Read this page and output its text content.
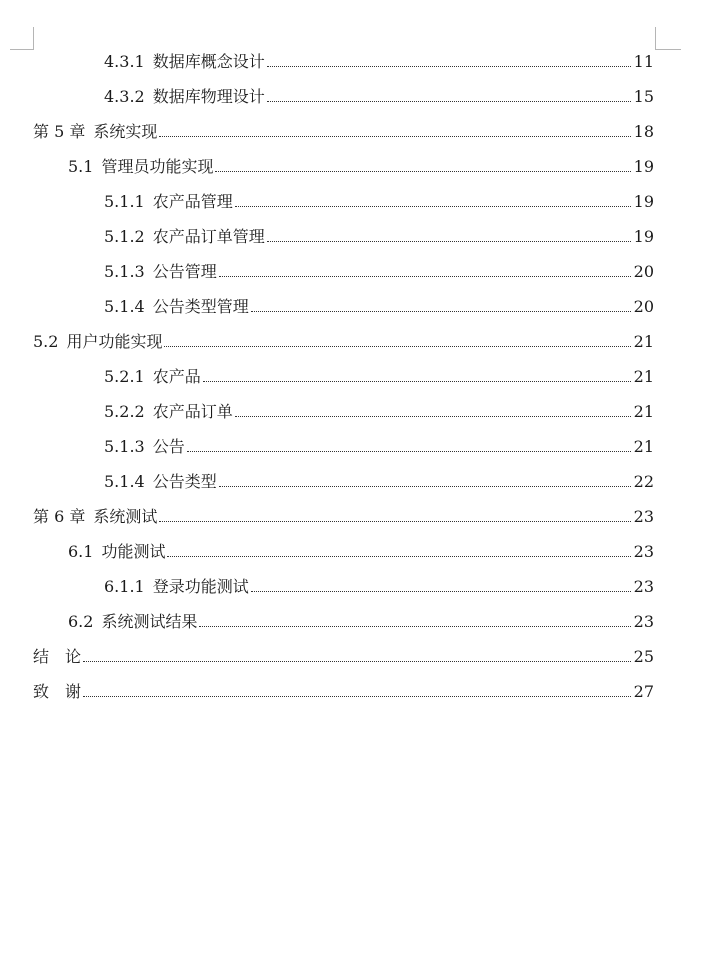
4.3.1 数据库概念设计	11
4.3.2 数据库物理设计	15
第 5 章 系统实现	18
5.1 管理员功能实现	19
5.1.1 农产品管理	19
5.1.2 农产品订单管理	19
5.1.3 公告管理	20
5.1.4 公告类型管理	20
5.2 用户功能实现	21
5.2.1 农产品	21
5.2.2 农产品订单	21
5.1.3 公告	21
5.1.4 公告类型	22
第 6 章 系统测试	23
6.1 功能测试	23
6.1.1 登录功能测试	23
6.2 系统测试结果	23
结　论	25
致　谢	27
